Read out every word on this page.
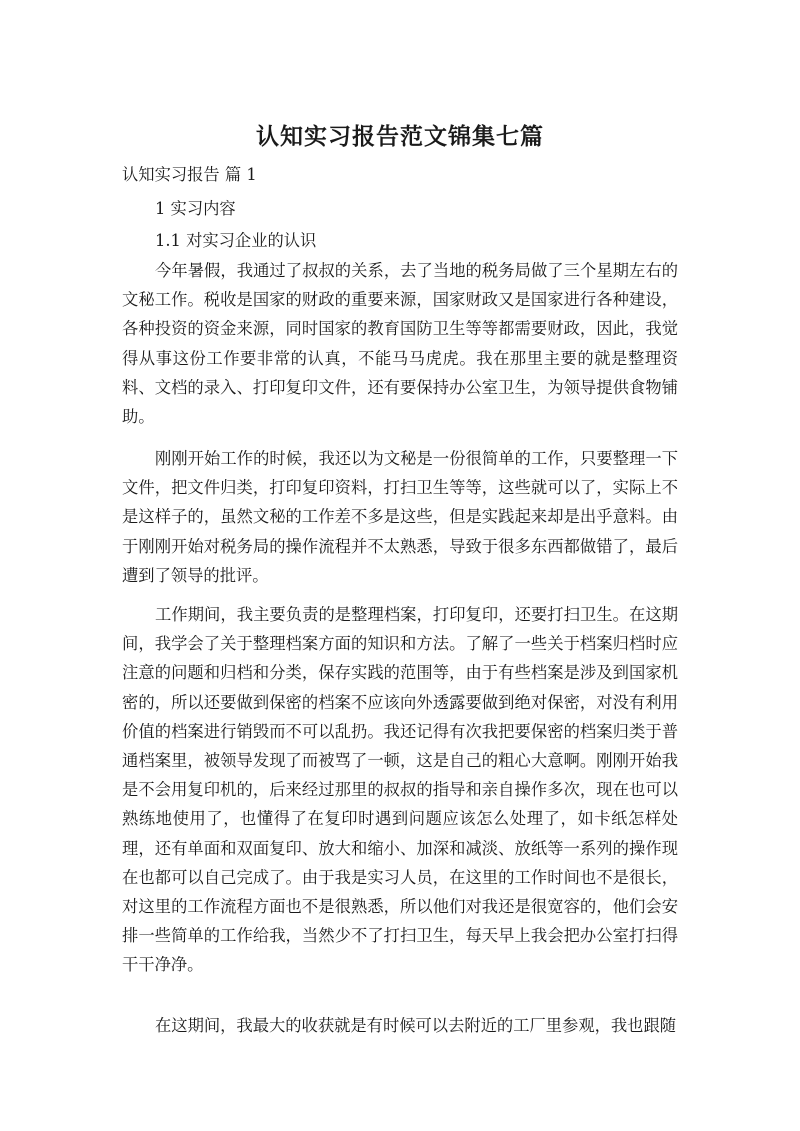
认知实习报告范文锦集七篇
认知实习报告 篇 1
1 实习内容
1.1 对实习企业的认识
今年暑假，我通过了叔叔的关系，去了当地的税务局做了三个星期左右的文秘工作。税收是国家的财政的重要来源，国家财政又是国家进行各种建设，各种投资的资金来源，同时国家的教育国防卫生等等都需要财政，因此，我觉得从事这份工作要非常的认真，不能马马虎虎。我在那里主要的就是整理资料、文档的录入、打印复印文件，还有要保持办公室卫生，为领导提供食物铺助。
刚刚开始工作的时候，我还以为文秘是一份很简单的工作，只要整理一下文件，把文件归类，打印复印资料，打扫卫生等等，这些就可以了，实际上不是这样子的，虽然文秘的工作差不多是这些，但是实践起来却是出乎意料。由于刚刚开始对税务局的操作流程并不太熟悉，导致于很多东西都做错了，最后遭到了领导的批评。
工作期间，我主要负责的是整理档案，打印复印，还要打扫卫生。在这期间，我学会了关于整理档案方面的知识和方法。了解了一些关于档案归档时应注意的问题和归档和分类，保存实践的范围等，由于有些档案是涉及到国家机密的，所以还要做到保密的档案不应该向外透露要做到绝对保密，对没有利用价值的档案进行销毁而不可以乱扔。我还记得有次我把要保密的档案归类于普通档案里，被领导发现了而被骂了一顿，这是自己的粗心大意啊。刚刚开始我是不会用复印机的，后来经过那里的叔叔的指导和亲自操作多次，现在也可以熟练地使用了，也懂得了在复印时遇到问题应该怎么处理了，如卡纸怎样处理，还有单面和双面复印、放大和缩小、加深和减淡、放纸等一系列的操作现在也都可以自己完成了。由于我是实习人员，在这里的工作时间也不是很长，对这里的工作流程方面也不是很熟悉，所以他们对我还是很宽容的，他们会安排一些简单的工作给我，当然少不了打扫卫生，每天早上我会把办公室打扫得干干净净。
在这期间，我最大的收获就是有时候可以去附近的工厂里参观，我也跟随
